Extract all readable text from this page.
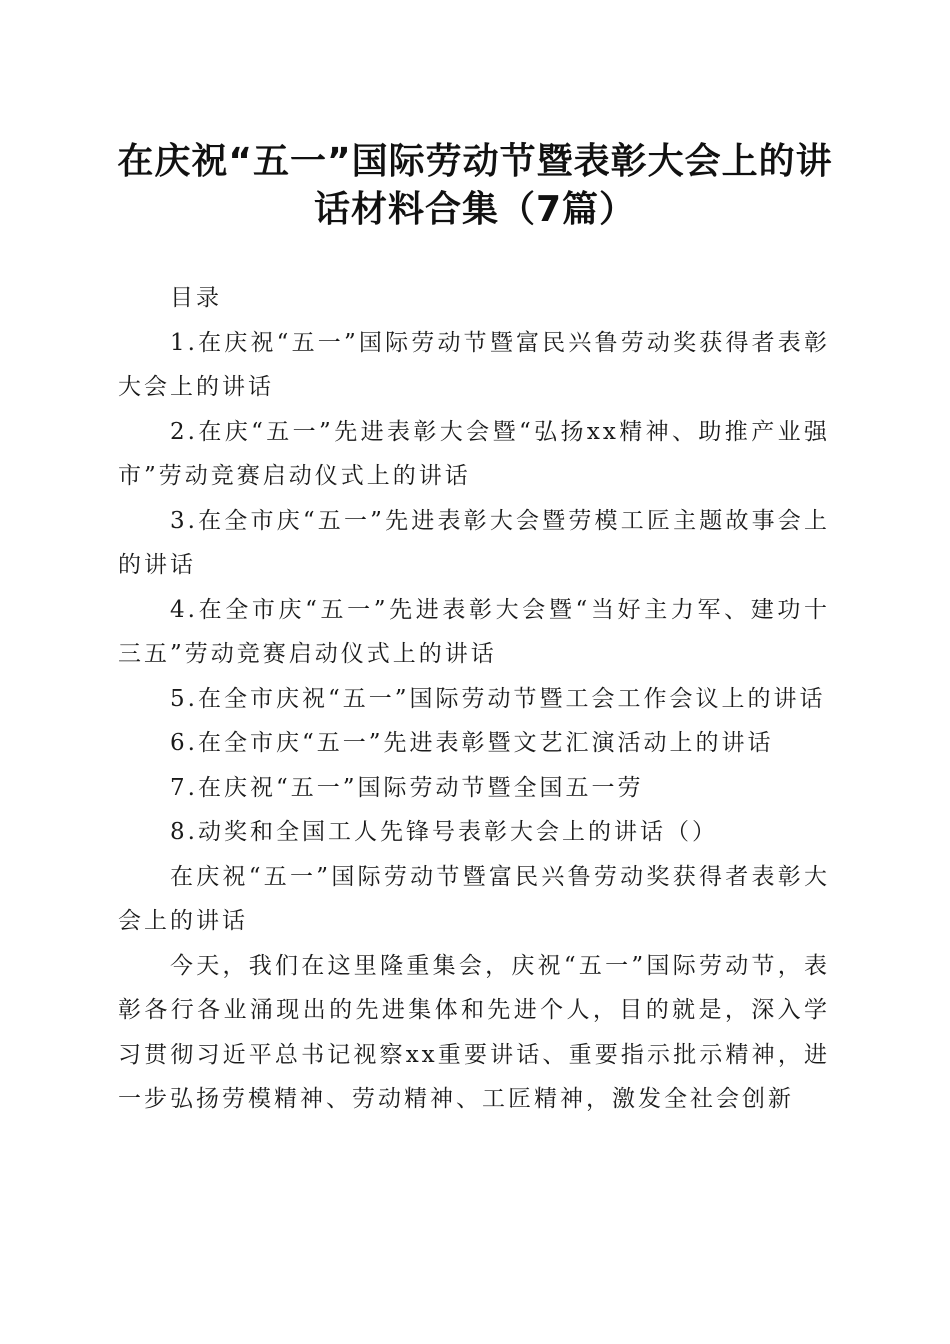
在庆祝“五一”国际劳动节暨表彰大会上的讲
话材料合集（7篇）

目录

1.在庆祝“五一”国际劳动节暨富民兴鲁劳动奖获得者表彰大会上的讲话

2.在庆“五一”先进表彰大会暨“弘扬xx精神、助推产业强市”劳动竞赛启动仪式上的讲话

3.在全市庆“五一”先进表彰大会暨劳模工匠主题故事会上的讲话

4.在全市庆“五一”先进表彰大会暨“当好主力军、建功十三五”劳动竞赛启动仪式上的讲话

5.在全市庆祝“五一”国际劳动节暨工会工作会议上的讲话

6.在全市庆“五一”先进表彰暨文艺汇演活动上的讲话

7.在庆祝“五一”国际劳动节暨全国五一劳

8.动奖和全国工人先锋号表彰大会上的讲话（）

在庆祝“五一”国际劳动节暨富民兴鲁劳动奖获得者表彰大会上的讲话

今天，我们在这里隆重集会，庆祝“五一”国际劳动节，表彰各行各业涌现出的先进集体和先进个人，目的就是，深入学习贯彻习近平总书记视察xx重要讲话、重要指示批示精神，进一步弘扬劳模精神、劳动精神、工匠精神，激发全社会创新
